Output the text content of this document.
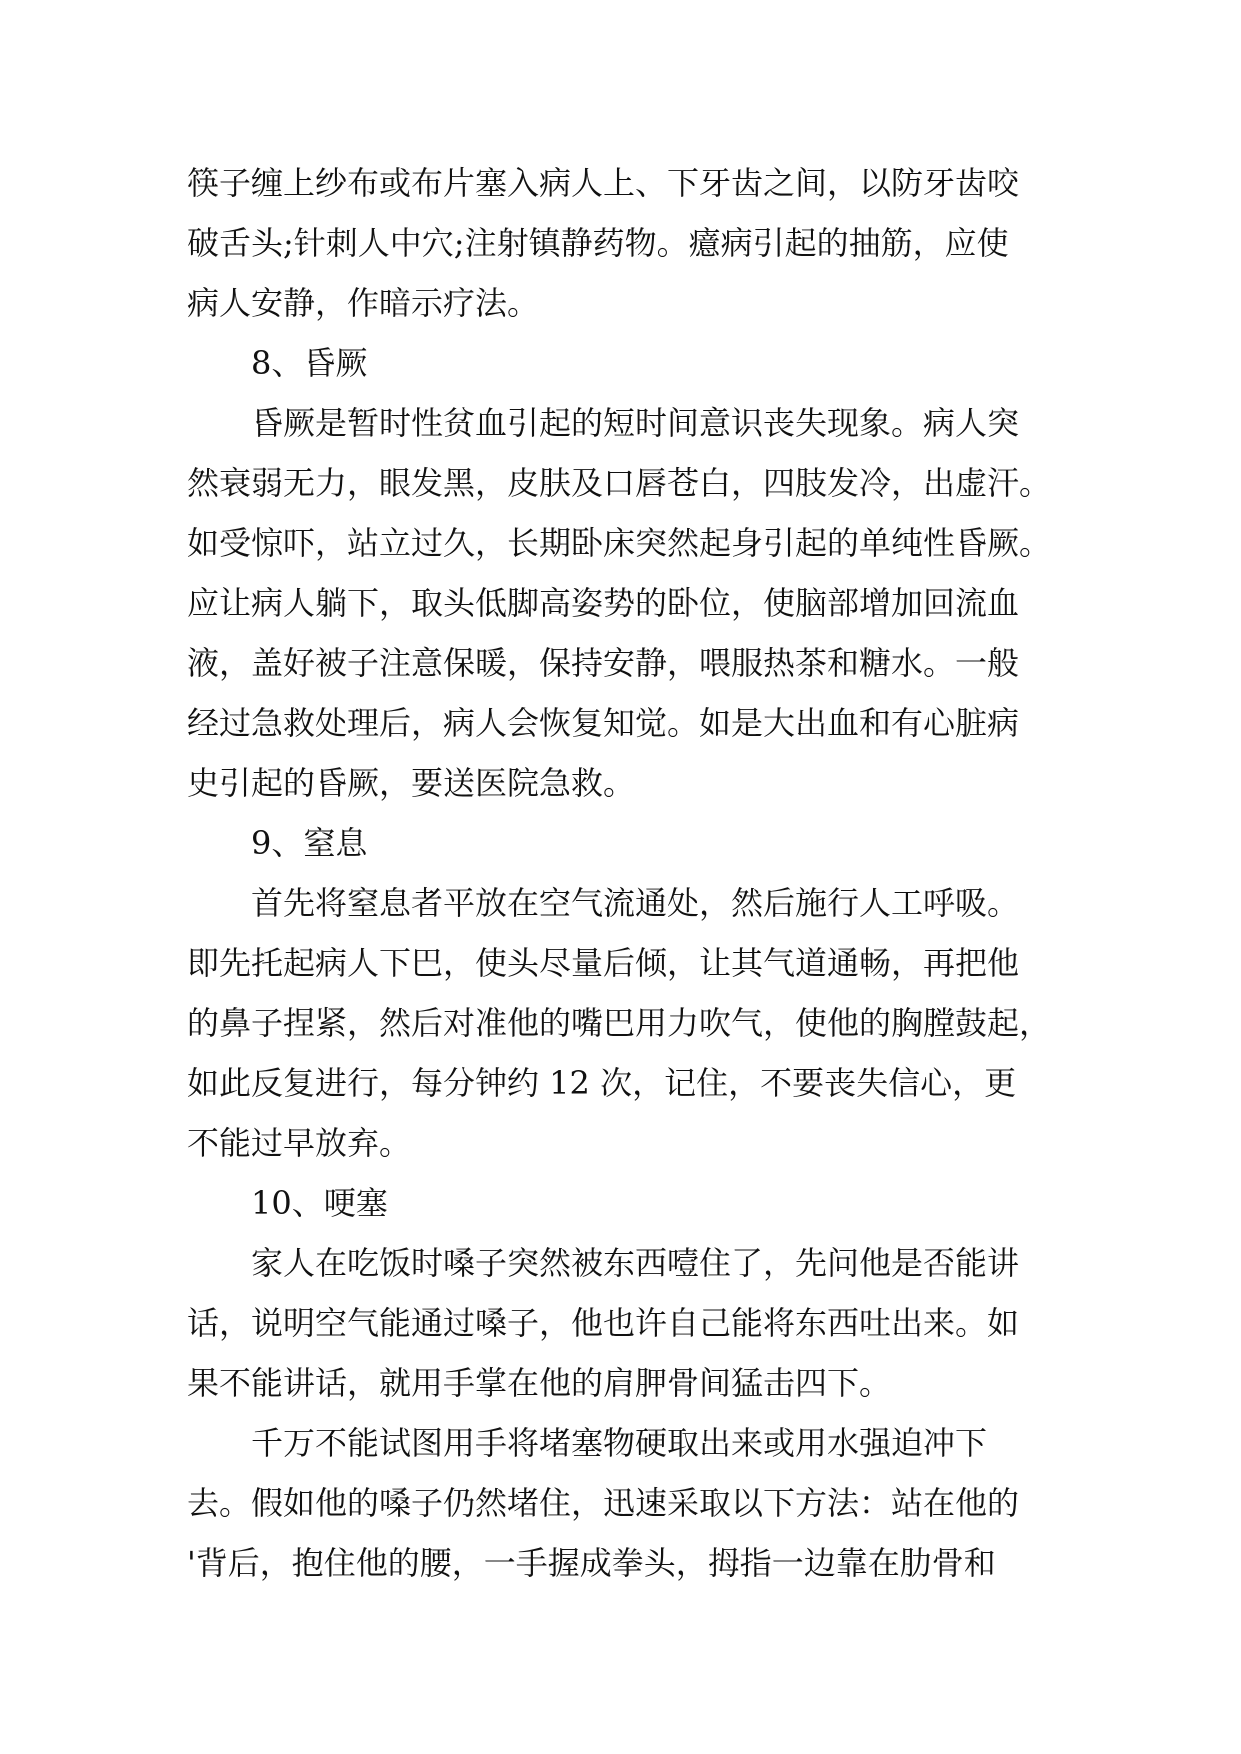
筷子缠上纱布或布片塞入病人上、下牙齿之间，以防牙齿咬
破舌头;针刺人中穴;注射镇静药物。癔病引起的抽筋，应使
病人安静，作暗示疗法。
8、昏厥
昏厥是暂时性贫血引起的短时间意识丧失现象。病人突
然衰弱无力，眼发黑，皮肤及口唇苍白，四肢发冷，出虚汗。
如受惊吓，站立过久，长期卧床突然起身引起的单纯性昏厥。
应让病人躺下，取头低脚高姿势的卧位，使脑部增加回流血
液，盖好被子注意保暖，保持安静，喂服热茶和糖水。一般
经过急救处理后，病人会恢复知觉。如是大出血和有心脏病
史引起的昏厥，要送医院急救。
9、窒息
首先将窒息者平放在空气流通处，然后施行人工呼吸。
即先托起病人下巴，使头尽量后倾，让其气道通畅，再把他
的鼻子捏紧，然后对准他的嘴巴用力吹气，使他的胸膛鼓起，
如此反复进行，每分钟约 12 次，记住，不要丧失信心，更
不能过早放弃。
10、哽塞
家人在吃饭时嗓子突然被东西噎住了，先问他是否能讲
话，说明空气能通过嗓子，他也许自己能将东西吐出来。如
果不能讲话，就用手掌在他的肩胛骨间猛击四下。
千万不能试图用手将堵塞物硬取出来或用水强迫冲下
去。假如他的嗓子仍然堵住，迅速采取以下方法：站在他的
'背后，抱住他的腰，一手握成拳头，拇指一边靠在肋骨和
